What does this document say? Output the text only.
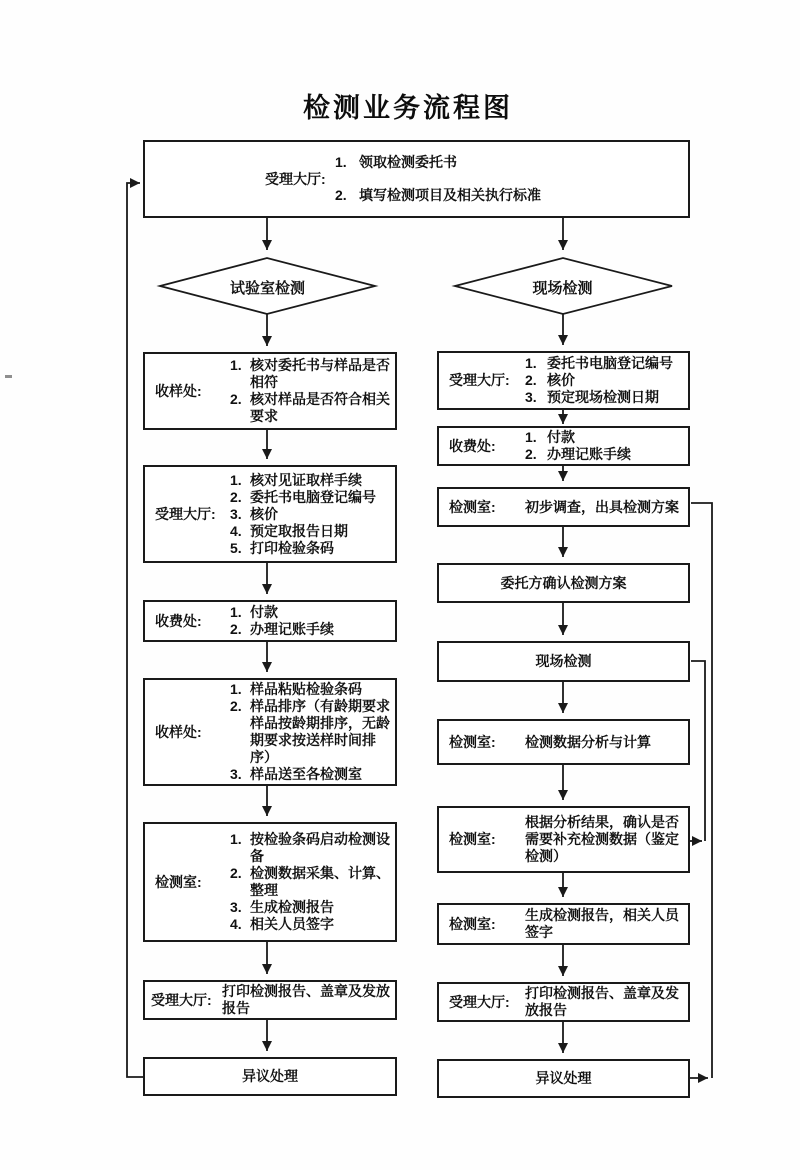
检测业务流程图
受理大厅:
1. 领取检测委托书
2. 填写检测项目及相关执行标准
试验室检测	现场检测
收样处:
1. 核对委托书与样品是否相符
2. 核对样品是否符合相关要求
受理大厅:
1. 核对见证取样手续
2. 委托书电脑登记编号
3. 核价
4. 预定取报告日期
5. 打印检验条码
收费处:
1. 付款
2. 办理记账手续
收样处:
1. 样品粘贴检验条码
2. 样品排序（有龄期要求样品按龄期排序，无龄期要求按送样时间排序）
3. 样品送至各检测室
检测室:
1. 按检验条码启动检测设备
2. 检测数据采集、计算、整理
3. 生成检测报告
4. 相关人员签字
受理大厅:
打印检测报告、盖章及发放报告
异议处理
受理大厅:
1. 委托书电脑登记编号
2. 核价
3. 预定现场检测日期
收费处:
1. 付款
2. 办理记账手续
检测室:	初步调查，出具检测方案
委托方确认检测方案
现场检测
检测室:	检测数据分析与计算
检测室:
根据分析结果，确认是否需要补充检测数据（鉴定检测）
检测室:
生成检测报告，相关人员签字
受理大厅:
打印检测报告、盖章及发放报告
异议处理
